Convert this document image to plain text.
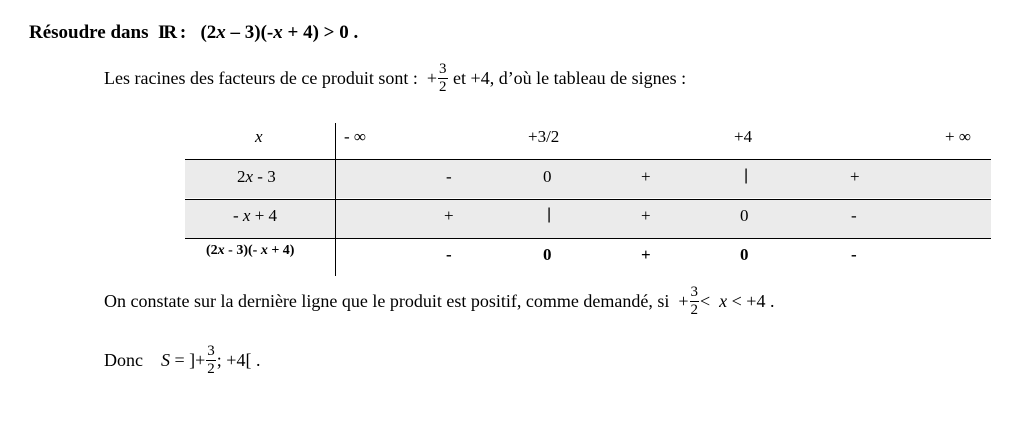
Résoudre dans IR : (2x – 3)(-x + 4) > 0 .
Les racines des facteurs de ce produit sont : + $\frac{3}{2}$ et +4, d’où le tableau de signes :
x	- ∞	+3/2	+4	+ ∞
2x - 3	-	0	+	|	+
- x + 4	+	|	+	0	-
(2x - 3)(- x + 4)	-	0	+	0	-
On constate sur la dernière ligne que le produit est positif, comme demandé, si + $\frac{3}{2} < x < +4$ .
Donc S = ]+ $\frac{3}{2}$ ; +4[ .
